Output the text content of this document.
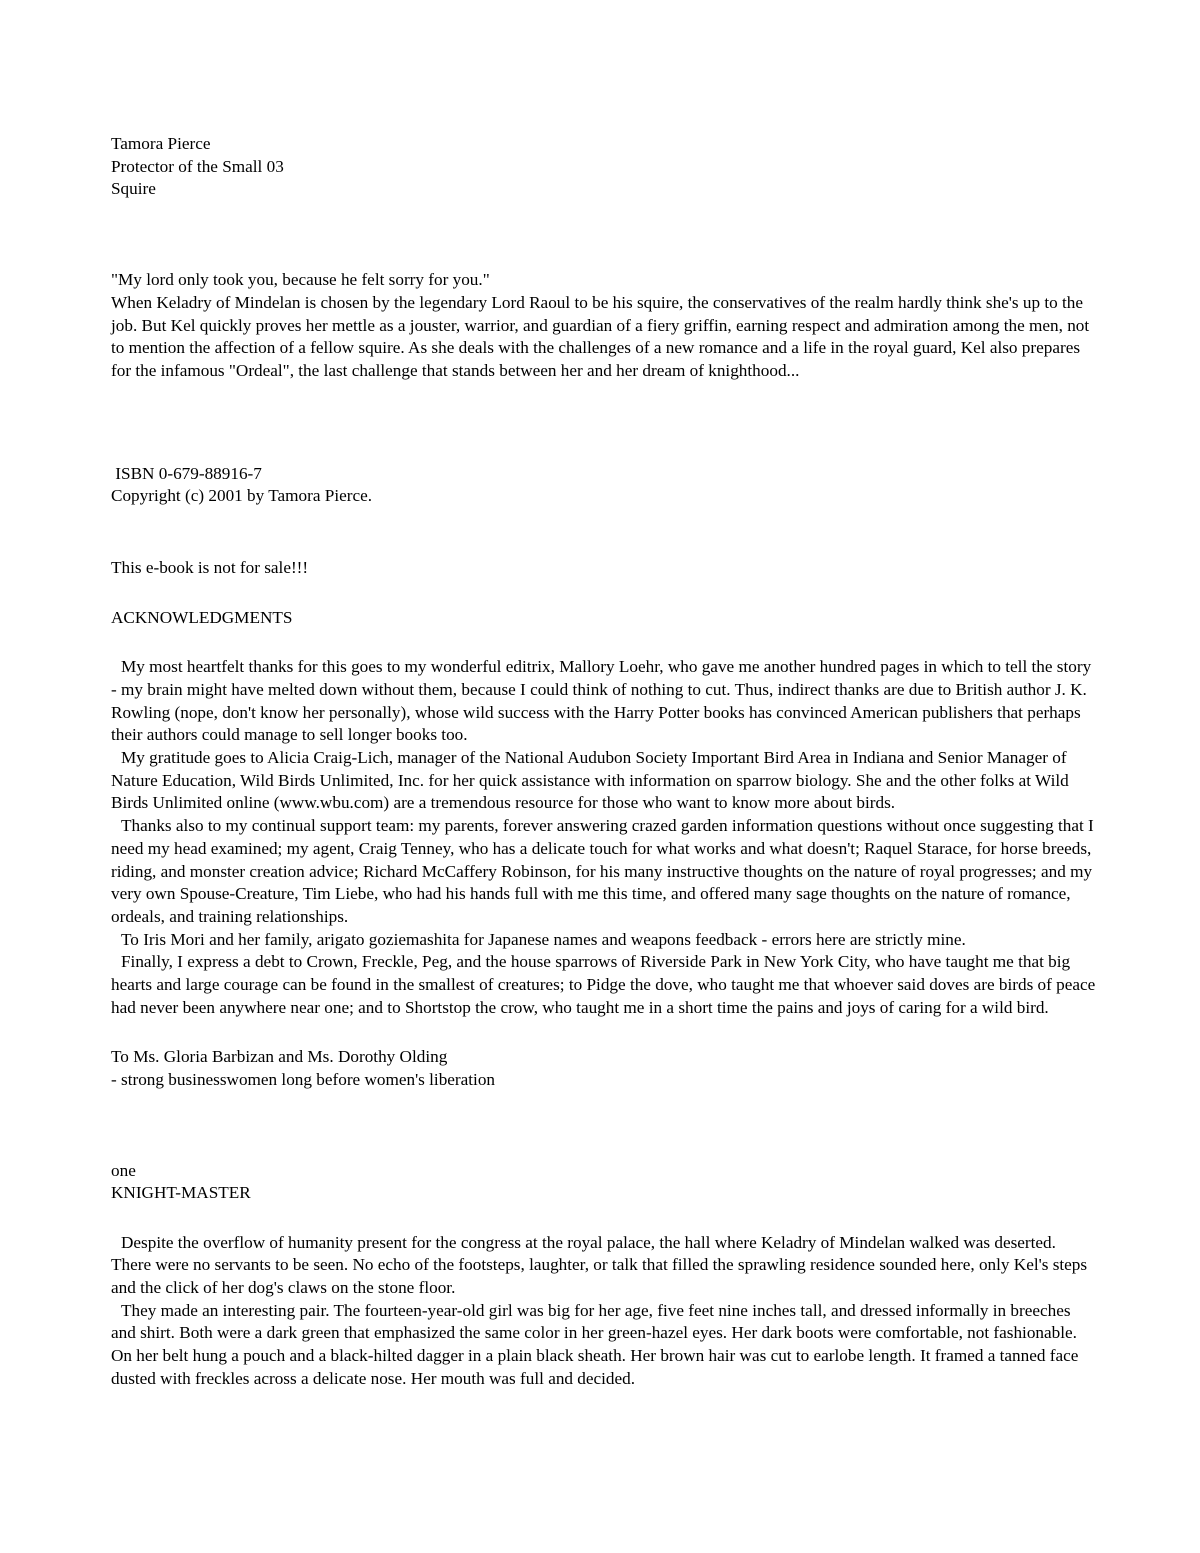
Tamora Pierce
Protector of the Small 03
Squire
"My lord only took you, because he felt sorry for you."
When Keladry of Mindelan is chosen by the legendary Lord Raoul to be his squire, the conservatives of the realm hardly think she's up to the job. But Kel quickly proves her mettle as a jouster, warrior, and guardian of a fiery griffin, earning respect and admiration among the men, not to mention the affection of a fellow squire. As she deals with the challenges of a new romance and a life in the royal guard, Kel also prepares for the infamous "Ordeal", the last challenge that stands between her and her dream of knighthood...
ISBN 0-679-88916-7
Copyright (c) 2001 by Tamora Pierce.
This e-book is not for sale!!!
ACKNOWLEDGMENTS
My most heartfelt thanks for this goes to my wonderful editrix, Mallory Loehr, who gave me another hundred pages in which to tell the story - my brain might have melted down without them, because I could think of nothing to cut. Thus, indirect thanks are due to British author J. K. Rowling (nope, don't know her personally), whose wild success with the Harry Potter books has convinced American publishers that perhaps their authors could manage to sell longer books too.
My gratitude goes to Alicia Craig-Lich, manager of the National Audubon Society Important Bird Area in Indiana and Senior Manager of Nature Education, Wild Birds Unlimited, Inc. for her quick assistance with information on sparrow biology. She and the other folks at Wild Birds Unlimited online (www.wbu.com) are a tremendous resource for those who want to know more about birds.
Thanks also to my continual support team: my parents, forever answering crazed garden information questions without once suggesting that I need my head examined; my agent, Craig Tenney, who has a delicate touch for what works and what doesn't; Raquel Starace, for horse breeds, riding, and monster creation advice; Richard McCaffery Robinson, for his many instructive thoughts on the nature of royal progresses; and my very own Spouse-Creature, Tim Liebe, who had his hands full with me this time, and offered many sage thoughts on the nature of romance, ordeals, and training relationships.
To Iris Mori and her family, arigato goziemashita for Japanese names and weapons feedback - errors here are strictly mine.
Finally, I express a debt to Crown, Freckle, Peg, and the house sparrows of Riverside Park in New York City, who have taught me that big hearts and large courage can be found in the smallest of creatures; to Pidge the dove, who taught me that whoever said doves are birds of peace had never been anywhere near one; and to Shortstop the crow, who taught me in a short time the pains and joys of caring for a wild bird.
To Ms. Gloria Barbizan and Ms. Dorothy Olding
- strong businesswomen long before women's liberation
one
KNIGHT-MASTER
Despite the overflow of humanity present for the congress at the royal palace, the hall where Keladry of Mindelan walked was deserted. There were no servants to be seen. No echo of the footsteps, laughter, or talk that filled the sprawling residence sounded here, only Kel's steps and the click of her dog's claws on the stone floor.
They made an interesting pair. The fourteen-year-old girl was big for her age, five feet nine inches tall, and dressed informally in breeches and shirt. Both were a dark green that emphasized the same color in her green-hazel eyes. Her dark boots were comfortable, not fashionable. On her belt hung a pouch and a black-hilted dagger in a plain black sheath. Her brown hair was cut to earlobe length. It framed a tanned face dusted with freckles across a delicate nose. Her mouth was full and decided.
